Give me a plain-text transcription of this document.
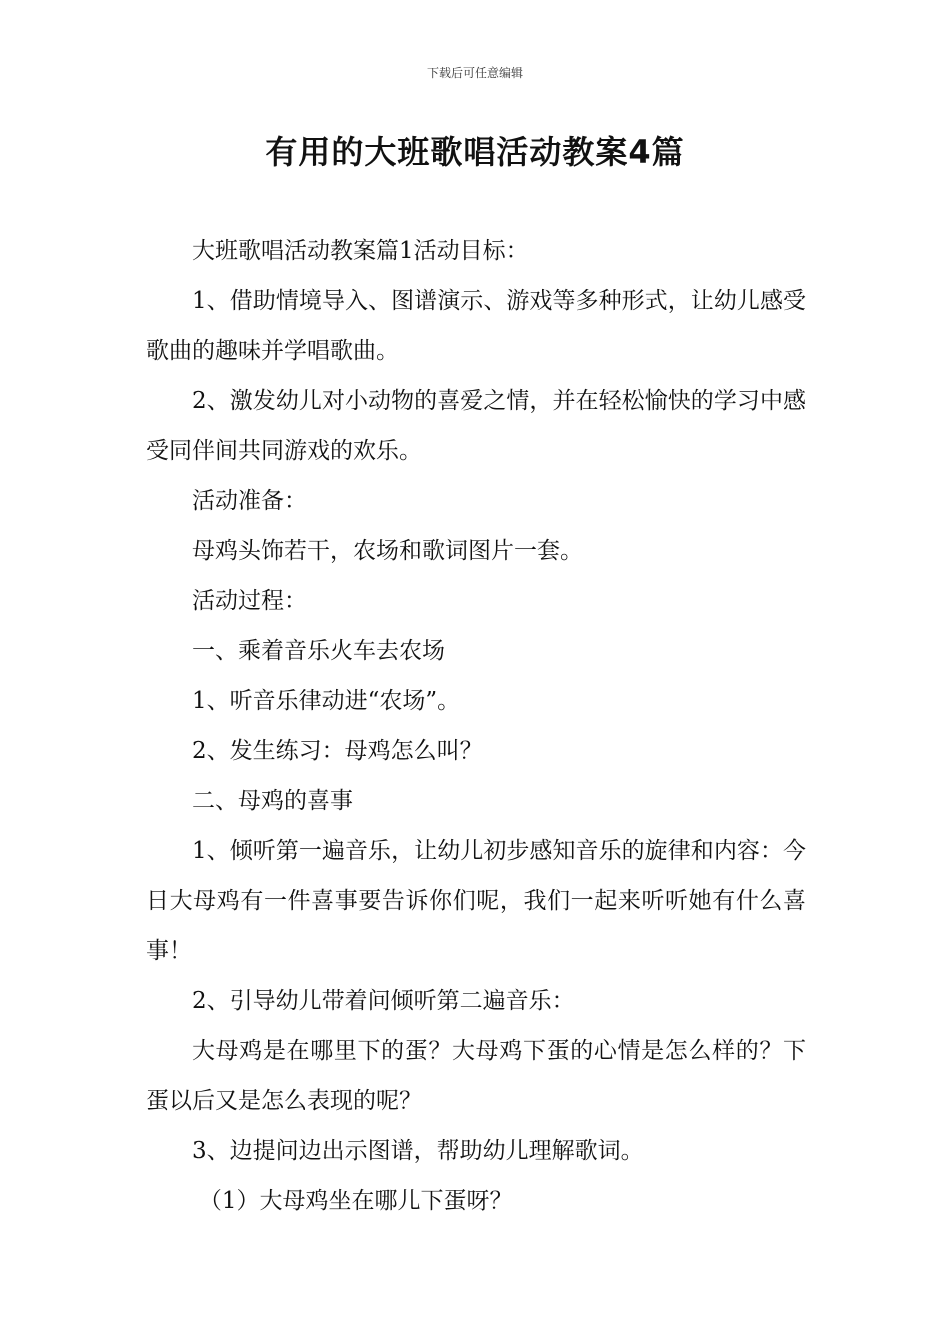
下载后可任意编辑
有用的大班歌唱活动教案4篇

大班歌唱活动教案篇1活动目标：

1、借助情境导入、图谱演示、游戏等多种形式，让幼儿感受歌曲的趣味并学唱歌曲。

2、激发幼儿对小动物的喜爱之情，并在轻松愉快的学习中感受同伴间共同游戏的欢乐。

活动准备：

母鸡头饰若干，农场和歌词图片一套。

活动过程：

一、乘着音乐火车去农场

1、听音乐律动进“农场”。

2、发生练习：母鸡怎么叫？

二、母鸡的喜事

1、倾听第一遍音乐，让幼儿初步感知音乐的旋律和内容：今日大母鸡有一件喜事要告诉你们呢，我们一起来听听她有什么喜事！

2、引导幼儿带着问倾听第二遍音乐：

大母鸡是在哪里下的蛋？大母鸡下蛋的心情是怎么样的？下蛋以后又是怎么表现的呢？

3、边提问边出示图谱，帮助幼儿理解歌词。

（1）大母鸡坐在哪儿下蛋呀？
